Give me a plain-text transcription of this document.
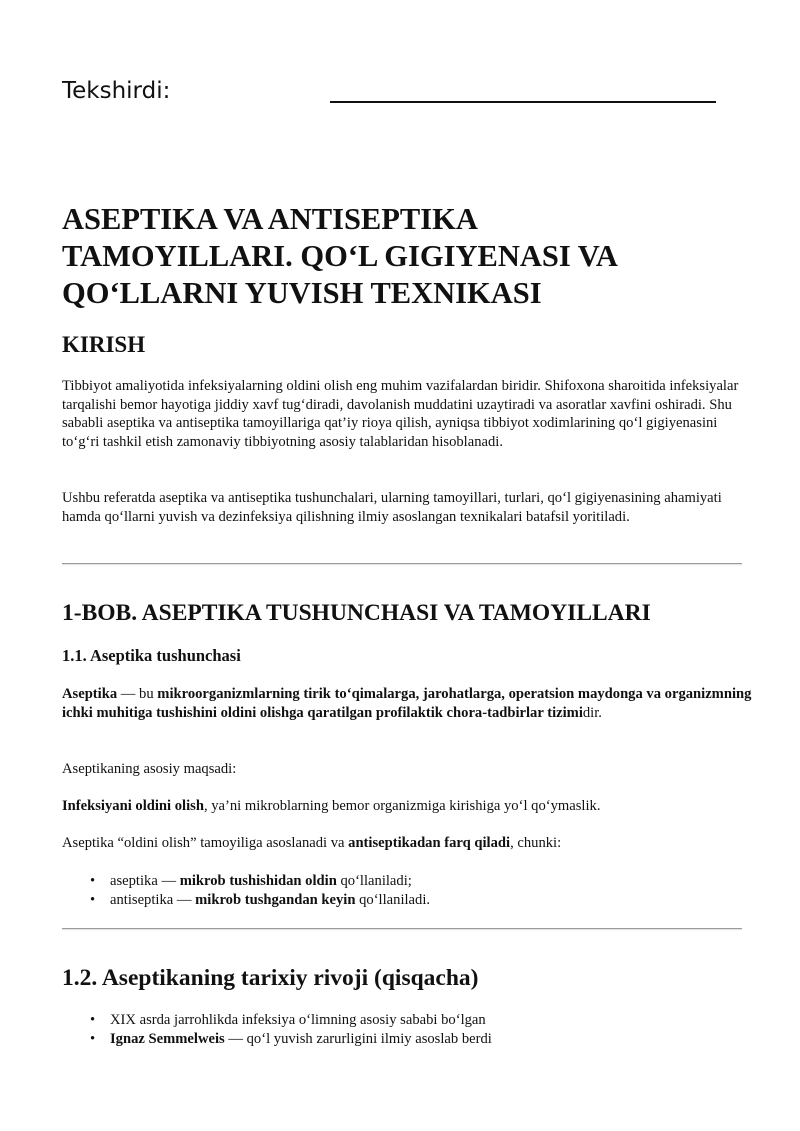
Tekshirdi:
ASEPTIKA VA ANTISEPTIKA
TAMOYILLARI. QO‘L GIGIYENASI VA
QO‘LLARNI YUVISH TEXNIKASI
KIRISH

Tibbiyot amaliyotida infeksiyalarning oldini olish eng muhim vazifalardan biridir. Shifoxona sharoitida infeksiyalar tarqalishi bemor hayotiga jiddiy xavf tug‘diradi, davolanish muddatini uzaytiradi va asoratlar xavfini oshiradi. Shu sababli aseptika va antiseptika tamoyillariga qat’iy rioya qilish, ayniqsa tibbiyot xodimlarining qo‘l gigiyenasini to‘g‘ri tashkil etish zamonaviy tibbiyotning asosiy talablaridan hisoblanadi.

Ushbu referatda aseptika va antiseptika tushunchalari, ularning tamoyillari, turlari, qo‘l gigiyenasining ahamiyati hamda qo‘llarni yuvish va dezinfeksiya qilishning ilmiy asoslangan texnikalari batafsil yoritiladi.

1-BOB. ASEPTIKA TUSHUNCHASI VA TAMOYILLARI
1.1. Aseptika tushunchasi

Aseptika — bu mikroorganizmlarning tirik to‘qimalarga, jarohatlarga, operatsion maydonga va organizmning ichki muhitiga tushishini oldini olishga qaratilgan profilaktik chora-tadbirlar tizimidir.

Aseptikaning asosiy maqsadi:

Infeksiyani oldini olish, ya’ni mikroblarning bemor organizmiga kirishiga yo‘l qo‘ymaslik.

Aseptika “oldini olish” tamoyiliga asoslanadi va antiseptikadan farq qiladi, chunki:

• aseptika — mikrob tushishidan oldin qo‘llaniladi;
• antiseptika — mikrob tushgandan keyin qo‘llaniladi.
1.2. Aseptikaning tarixiy rivoji (qisqacha)
• XIX asrda jarrohlikda infeksiya o‘limning asosiy sababi bo‘lgan
• Ignaz Semmelweis — qo‘l yuvish zarurligini ilmiy asoslab berdi
